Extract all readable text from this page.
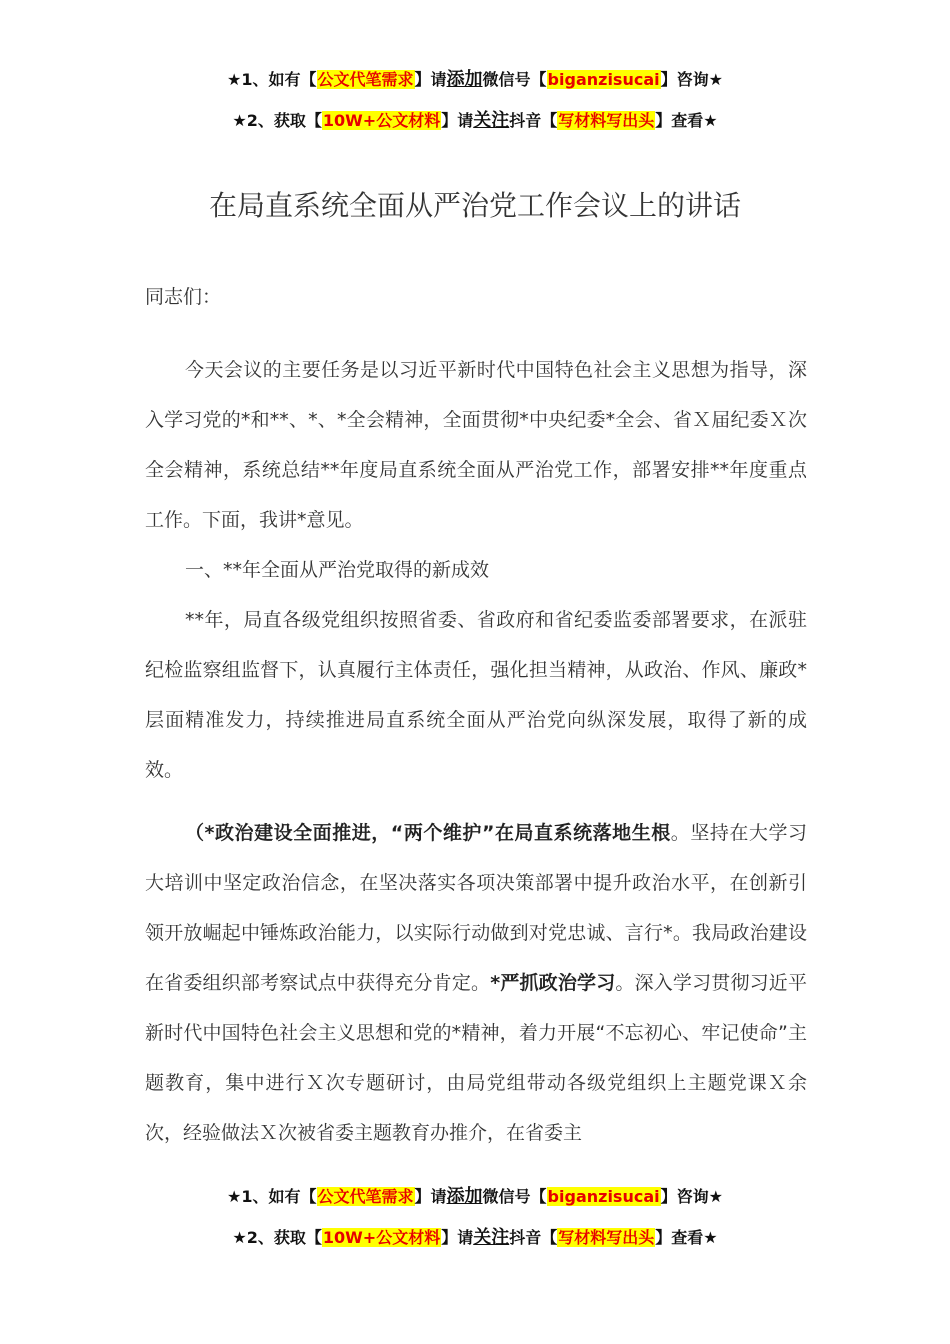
★1、如有【公文代笔需求】请添加微信号【biganzisucai】咨询★
★2、获取【10W+公文材料】请关注抖音【写材料写出头】查看★
在局直系统全面从严治党工作会议上的讲话

同志们：

今天会议的主要任务是以习近平新时代中国特色社会主义思想为指导，深入学习党的*和**、*、*全会精神，全面贯彻*中央纪委*全会、省Ｘ届纪委Ｘ次全会精神，系统总结**年度局直系统全面从严治党工作，部署安排**年度重点工作。下面，我讲*意见。

一、**年全面从严治党取得的新成效

**年，局直各级党组织按照省委、省政府和省纪委监委部署要求，在派驻纪检监察组监督下，认真履行主体责任，强化担当精神，从政治、作风、廉政*层面精准发力，持续推进局直系统全面从严治党向纵深发展，取得了新的成效。

（*政治建设全面推进，“两个维护”在局直系统落地生根。坚持在大学习大培训中坚定政治信念，在坚决落实各项决策部署中提升政治水平，在创新引领开放崛起中锤炼政治能力，以实际行动做到对党忠诚、言行*。我局政治建设在省委组织部考察试点中获得充分肯定。*严抓政治学习。深入学习贯彻习近平新时代中国特色社会主义思想和党的*精神，着力开展“不忘初心、牢记使命”主题教育，集中进行Ｘ次专题研讨，由局党组带动各级党组织上主题党课Ｘ余次，经验做法Ｘ次被省委主题教育办推介，在省委主

★1、如有【公文代笔需求】请添加微信号【biganzisucai】咨询★
★2、获取【10W+公文材料】请关注抖音【写材料写出头】查看★
